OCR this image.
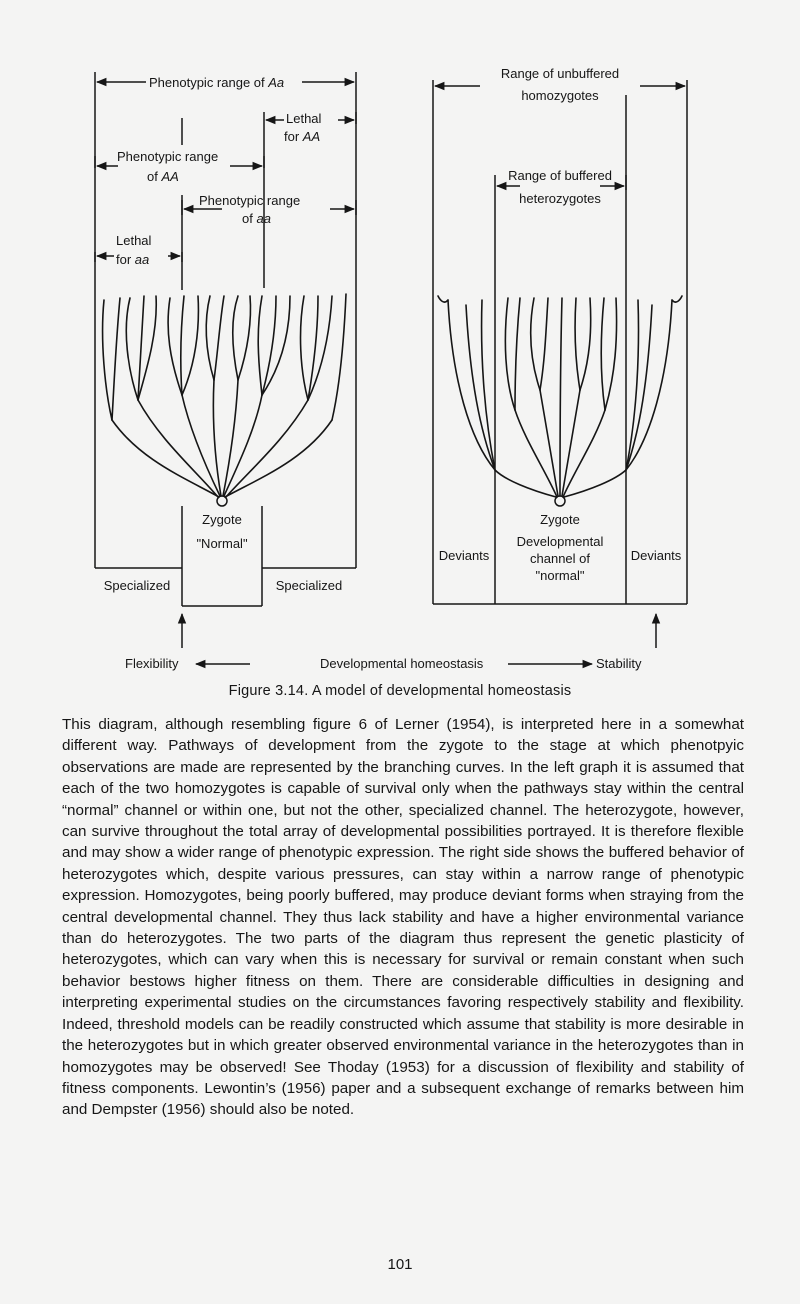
Phenotypic range of Aa
Lethal
for AA
Phenotypic range
of AA
Phenotypic range
of aa
Lethal
for aa
Zygote
"Normal"
Specialized	Specialized
Range of unbuffered
homozygotes
Range of buffered
heterozygotes
Zygote
Developmental
channel of
"normal"
Deviants	Deviants
Flexibility	Developmental homeostasis	Stability
Figure 3.14. A model of developmental homeostasis

This diagram, although resembling figure 6 of Lerner (1954), is interpreted here in a somewhat different way. Pathways of development from the zygote to the stage at which phenotpyic observations are made are represented by the branching curves. In the left graph it is assumed that each of the two homozygotes is capable of survival only when the pathways stay within the central “normal” channel or within one, but not the other, specialized channel. The heterozygote, however, can survive throughout the total array of developmental possibilities portrayed. It is therefore flexible and may show a wider range of phenotypic expression. The right side shows the buffered behavior of heterozygotes which, despite various pressures, can stay within a narrow range of phenotypic expression. Homozygotes, being poorly buffered, may produce deviant forms when straying from the central developmental channel. They thus lack stability and have a higher environmental variance than do heterozygotes. The two parts of the diagram thus represent the genetic plasticity of heterozygotes, which can vary when this is necessary for survival or remain constant when such behavior bestows higher fitness on them. There are considerable difficulties in designing and interpreting experimental studies on the circumstances favoring respectively stability and flexibility. Indeed, threshold models can be readily constructed which assume that stability is more desirable in the heterozygotes but in which greater observed environmental variance in the heterozygotes than in homozygotes may be observed! See Thoday (1953) for a discussion of flexibility and stability of fitness components. Lewontin’s (1956) paper and a subsequent exchange of remarks between him and Dempster (1956) should also be noted.

101
